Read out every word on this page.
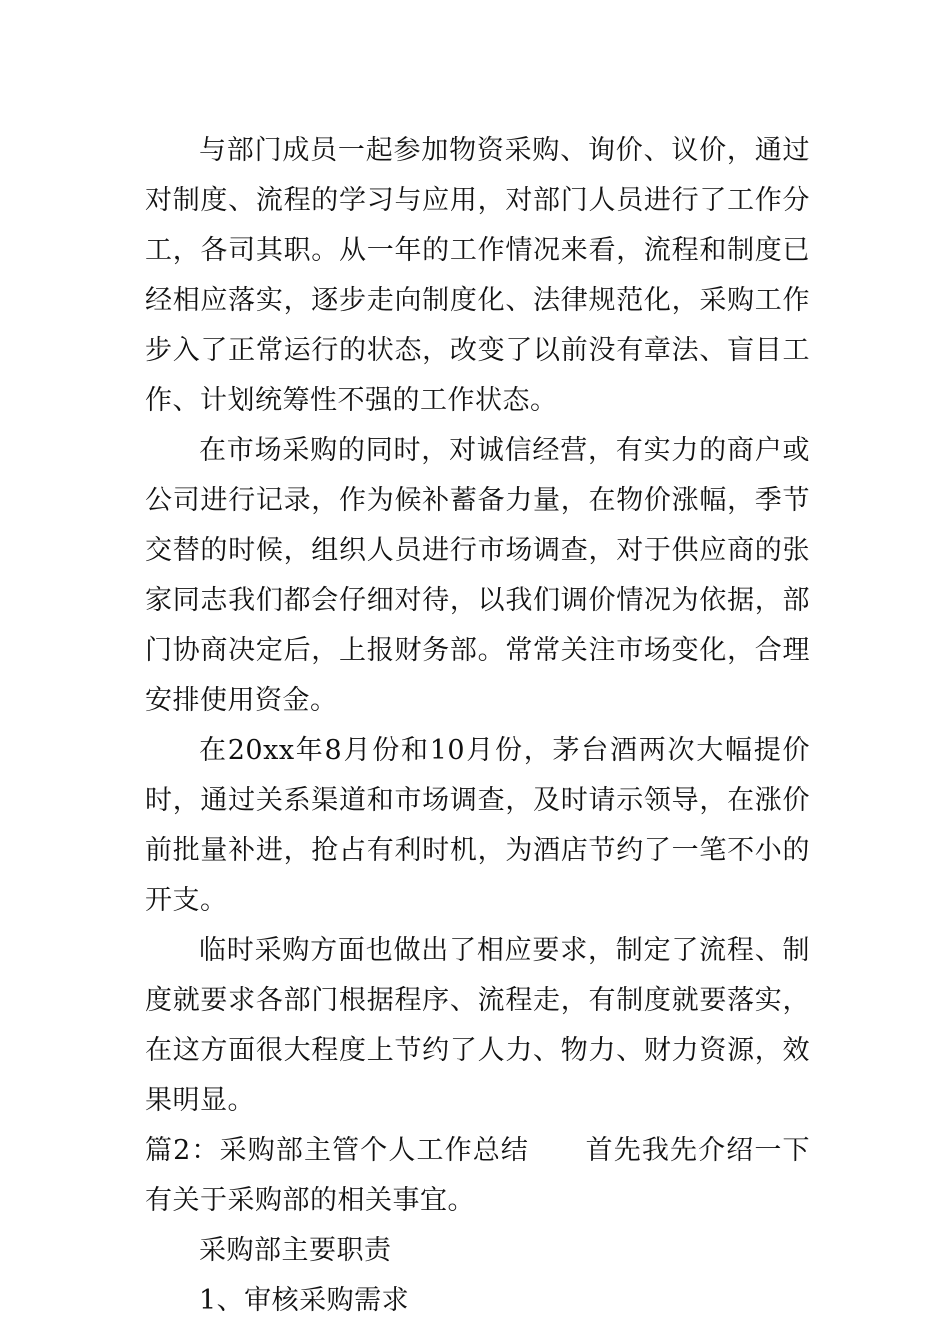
与部门成员一起参加物资采购、询价、议价，通过对制度、流程的学习与应用，对部门人员进行了工作分工，各司其职。从一年的工作情况来看，流程和制度已经相应落实，逐步走向制度化、法律规范化，采购工作步入了正常运行的状态，改变了以前没有章法、盲目工作、计划统筹性不强的工作状态。

在市场采购的同时，对诚信经营，有实力的商户或公司进行记录，作为候补蓄备力量，在物价涨幅，季节交替的时候，组织人员进行市场调查，对于供应商的张家同志我们都会仔细对待，以我们调价情况为依据，部门协商决定后，上报财务部。常常关注市场变化，合理安排使用资金。

在20xx年8月份和10月份，茅台酒两次大幅提价时，通过关系渠道和市场调查，及时请示领导，在涨价前批量补进，抢占有利时机，为酒店节约了一笔不小的开支。

临时采购方面也做出了相应要求，制定了流程、制度就要求各部门根据程序、流程走，有制度就要落实，在这方面很大程度上节约了人力、物力、财力资源，效果明显。

篇2：采购部主管个人工作总结 首先我先介绍一下有关于采购部的相关事宜。

采购部主要职责

1、审核采购需求
